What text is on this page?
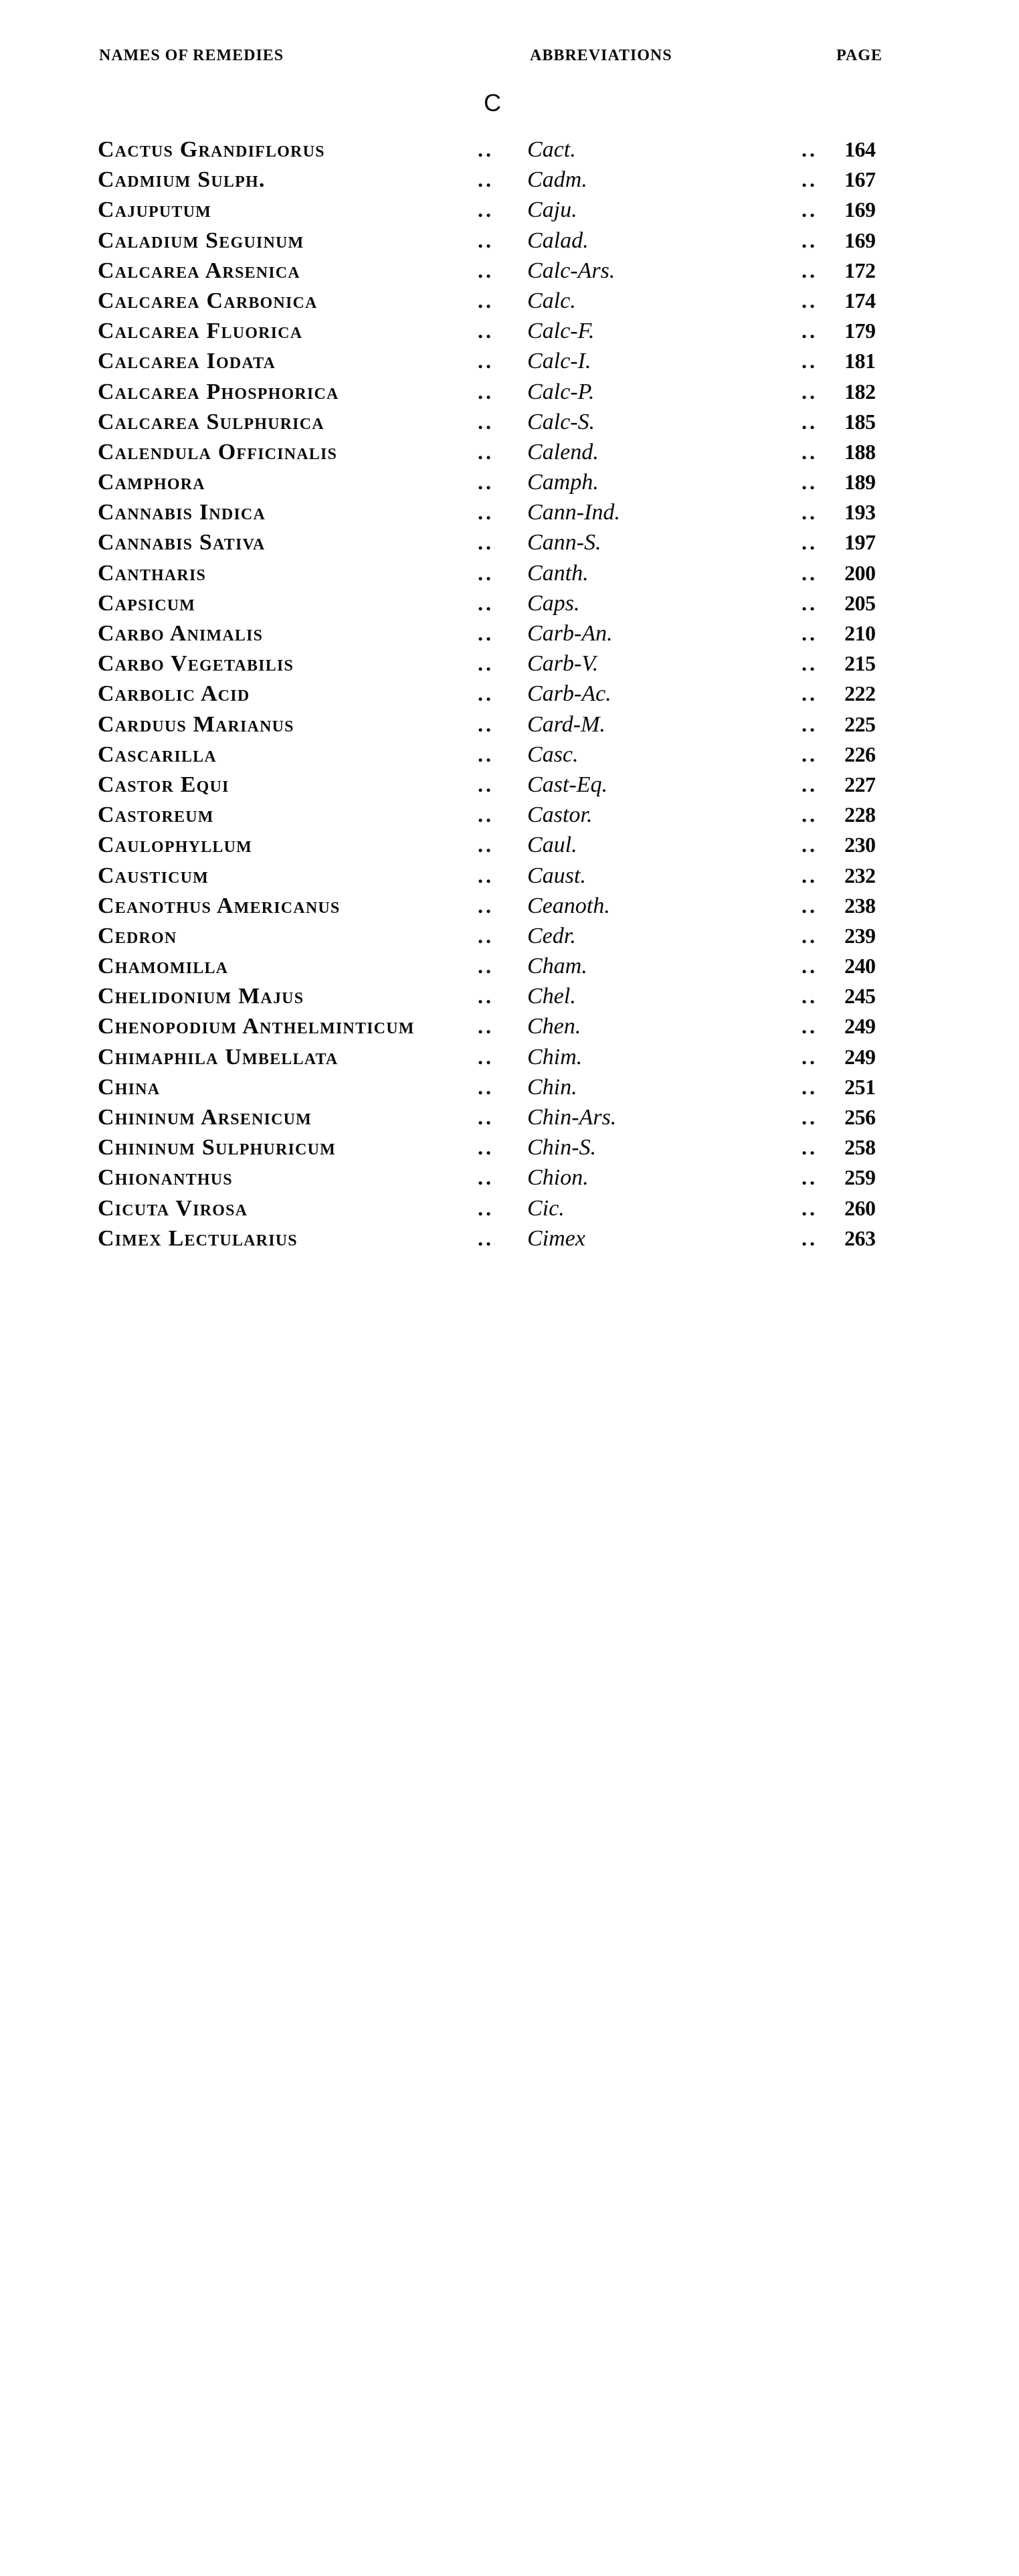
NAMES OF REMEDIES	ABBREVIATIONS	PAGE
C
Cactus Grandiflorus	.. Cact.	.. 164
Cadmium Sulph.	.. Cadm.	.. 167
Cajuputum	.. Caju.	.. 169
Caladium Seguinum	.. Calad.	.. 169
Calcarea Arsenica	.. Calc-Ars.	.. 172
Calcarea Carbonica	.. Calc.	.. 174
Calcarea Fluorica	.. Calc-F.	.. 179
Calcarea Iodata	.. Calc-I.	.. 181
Calcarea Phosphorica	.. Calc-P.	.. 182
Calcarea Sulphurica	.. Calc-S.	.. 185
Calendula Officinalis	.. Calend.	.. 188
Camphora	.. Camph.	.. 189
Cannabis Indica	.. Cann-Ind.	.. 193
Cannabis Sativa	.. Cann-S.	.. 197
Cantharis	.. Canth.	.. 200
Capsicum	.. Caps.	.. 205
Carbo Animalis	.. Carb-An.	.. 210
Carbo Vegetabilis	.. Carb-V.	.. 215
Carbolic Acid	.. Carb-Ac.	.. 222
Carduus Marianus	.. Card-M.	.. 225
Cascarilla	.. Casc.	.. 226
Castor Equi	.. Cast-Eq.	.. 227
Castoreum	.. Castor.	.. 228
Caulophyllum	.. Caul.	.. 230
Causticum	.. Caust.	.. 232
Ceanothus Americanus	.. Ceanoth.	.. 238
Cedron	.. Cedr.	.. 239
Chamomilla	.. Cham.	.. 240
Chelidonium Majus	.. Chel.	.. 245
Chenopodium Anthelminticum	.. Chen.	.. 249
Chimaphila Umbellata	.. Chim.	.. 249
China	.. Chin.	.. 251
Chininum Arsenicum	.. Chin-Ars.	.. 256
Chininum Sulphuricum	.. Chin-S.	.. 258
Chionanthus	.. Chion.	.. 259
Cicuta Virosa	.. Cic.	.. 260
Cimex Lectularius	.. Cimex	.. 263
